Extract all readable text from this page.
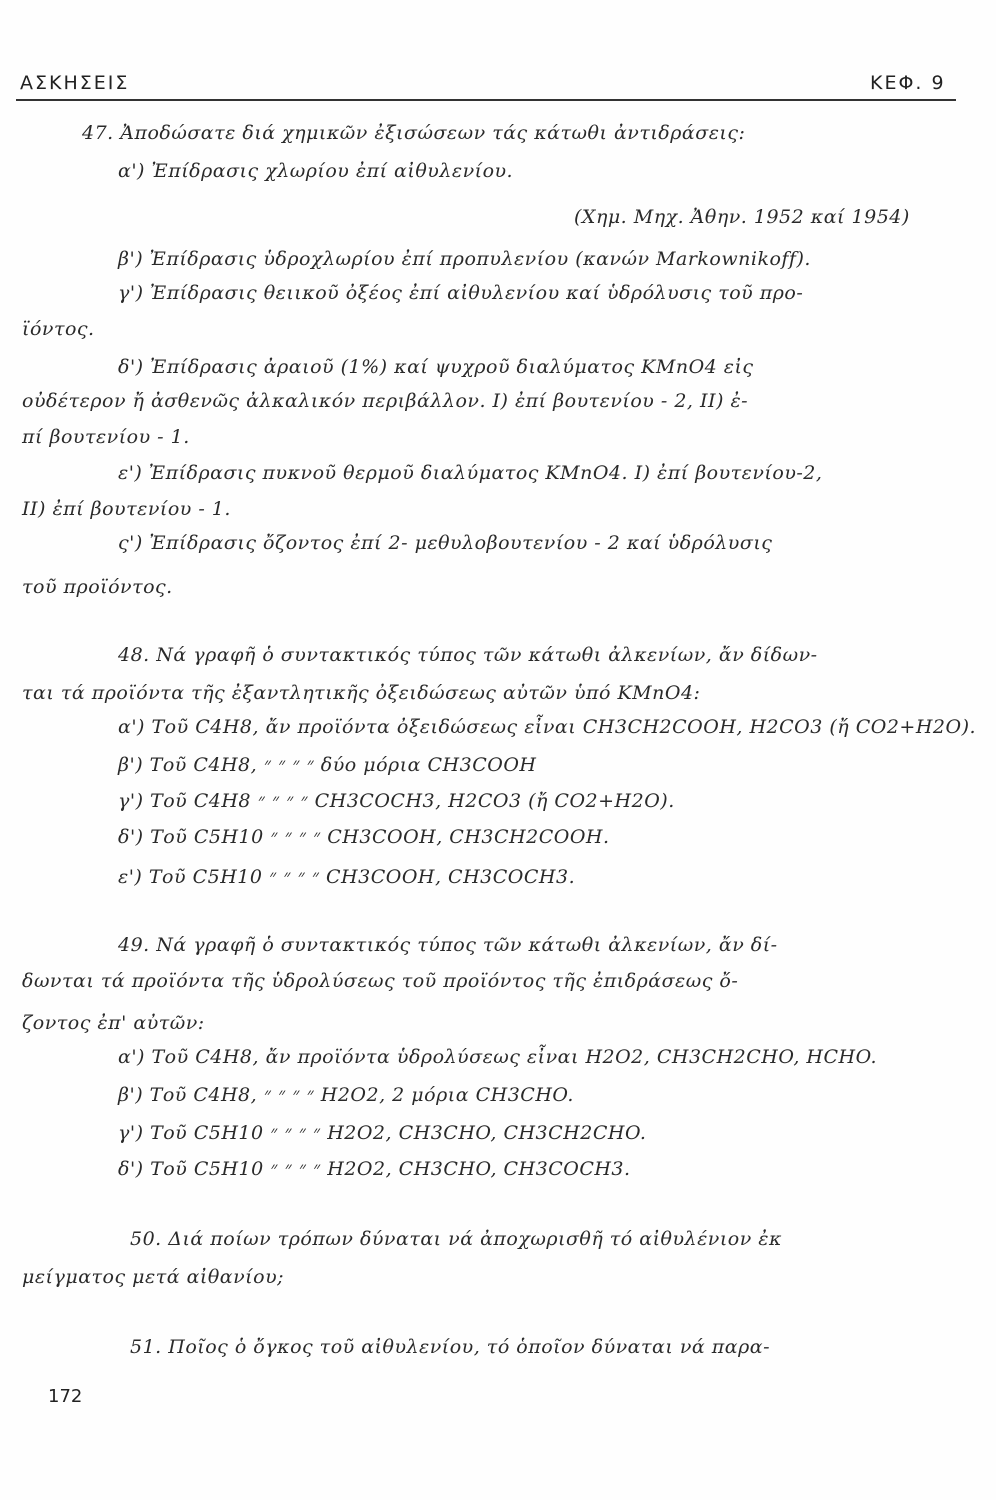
ΑΣΚΗΣΕΙΣ	ΚΕΦ. 9
47. Ἀποδώσατε διά χημικῶν ἐξισώσεων τάς κάτωθι ἀντιδράσεις:
α') Ἐπίδρασις χλωρίου ἐπί αἰθυλενίου.
(Χημ. Μηχ. Ἀθην. 1952 καί 1954)
β') Ἐπίδρασις ὑδροχλωρίου ἐπί προπυλενίου (κανών Markownikoff).
γ') Ἐπίδρασις θειικοῦ ὀξέος ἐπί αἰθυλενίου καί ὑδρόλυσις τοῦ προ-
ϊόντος.
δ') Ἐπίδρασις ἀραιοῦ (1%) καί ψυχροῦ διαλύματος KMnO4 εἰς
οὐδέτερον ἤ ἀσθενῶς ἀλκαλικόν περιβάλλον. I) ἐπί βουτενίου - 2, II) ἐ-
πί βουτενίου - 1.
ε') Ἐπίδρασις πυκνοῦ θερμοῦ διαλύματος KMnO4. I) ἐπί βουτενίου-2,
II) ἐπί βουτενίου - 1.
ς') Ἐπίδρασις ὄζοντος ἐπί 2- μεθυλοβουτενίου - 2 καί ὑδρόλυσις
τοῦ προϊόντος.
48. Νά γραφῆ ὁ συντακτικός τύπος τῶν κάτωθι ἀλκενίων, ἄν δίδων-
ται τά προϊόντα τῆς ἐξαντλητικῆς ὀξειδώσεως αὐτῶν ὑπό KMnO4:
α') Τοῦ C4H8, ἄν προϊόντα ὀξειδώσεως εἶναι CH3CH2COOH, H2CO3 (ἤ CO2+H2O).
β') Τοῦ C4H8, ״ ״ ״ ״ δύο μόρια CH3COOH
γ') Τοῦ C4H8 ״ ״ ״ ״ CH3COCH3, H2CO3 (ἤ CO2+H2O).
δ') Τοῦ C5H10 ״ ״ ״ ״ CH3COOH, CH3CH2COOH.
ε') Τοῦ C5H10 ״ ״ ״ ״ CH3COOH, CH3COCH3.
49. Νά γραφῆ ὁ συντακτικός τύπος τῶν κάτωθι ἀλκενίων, ἄν δί-
δωνται τά προϊόντα τῆς ὑδρολύσεως τοῦ προϊόντος τῆς ἐπιδράσεως ὄ-
ζοντος ἐπ' αὐτῶν:
α') Τοῦ C4H8, ἄν προϊόντα ὑδρολύσεως εἶναι H2O2, CH3CH2CHO, HCHO.
β') Τοῦ C4H8, ״ ״ ״ ״ H2O2, 2 μόρια CH3CHO.
γ') Τοῦ C5H10 ״ ״ ״ ״ H2O2, CH3CHO, CH3CH2CHO.
δ') Τοῦ C5H10 ״ ״ ״ ״ H2O2, CH3CHO, CH3COCH3.
50. Διά ποίων τρόπων δύναται νά ἀποχωρισθῆ τό αἰθυλένιον ἐκ
μείγματος μετά αἰθανίου;
51. Ποῖος ὁ ὄγκος τοῦ αἰθυλενίου, τό ὁποῖον δύναται νά παρα-
172
